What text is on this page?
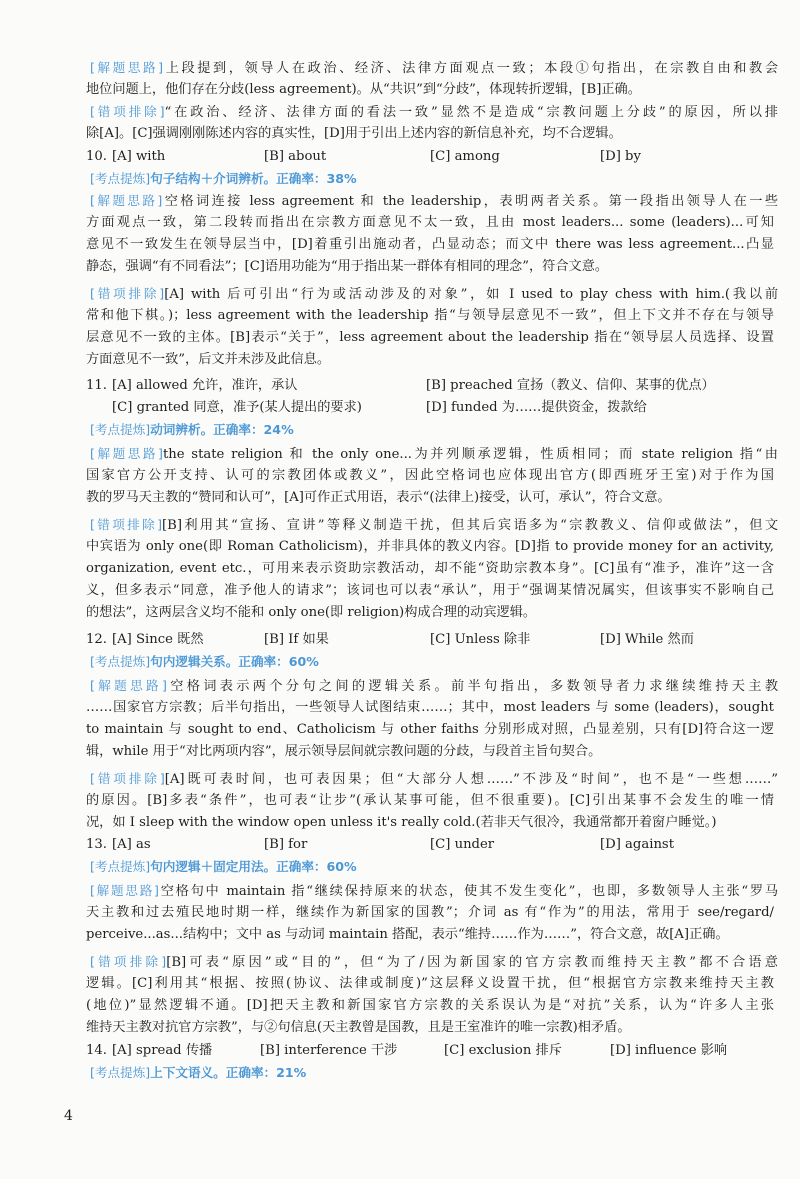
[解题思路]上段提到，领导人在政治、经济、法律方面观点一致；本段①句指出，在宗教自由和教会
地位问题上，他们存在分歧(less agreement)。从“共识”到“分歧”，体现转折逻辑，[B]正确。
[错项排除]“在政治、经济、法律方面的看法一致”显然不是造成“宗教问题上分歧”的原因，所以排
除[A]。[C]强调刚刚陈述内容的真实性，[D]用于引出上述内容的新信息补充，均不合逻辑。
10. [A] with	[B] about	[C] among	[D] by
[考点提炼]句子结构＋介词辨析。正确率：38%
[解题思路]空格词连接 less agreement 和 the leadership，表明两者关系。第一段指出领导人在一些
方面观点一致，第二段转而指出在宗教方面意见不太一致，且由 most leaders... some (leaders)...可知
意见不一致发生在领导层当中，[D]着重引出施动者，凸显动态；而文中 there was less agreement...凸显
静态，强调“有不同看法”；[C]语用功能为“用于指出某一群体有相同的理念”，符合文意。
[错项排除][A] with 后可引出“行为或活动涉及的对象”，如 I used to play chess with him.(我以前
常和他下棋。)；less agreement with the leadership 指“与领导层意见不一致”，但上下文并不存在与领导
层意见不一致的主体。[B]表示“关于”，less agreement about the leadership 指在“领导层人员选择、设置
方面意见不一致”，后文并未涉及此信息。
11. [A] allowed 允许，准许，承认	[B] preached 宣扬（教义、信仰、某事的优点）
[C] granted 同意，准予(某人提出的要求)	[D] funded 为……提供资金，拨款给
[考点提炼]动词辨析。正确率：24%
[解题思路]the state religion 和 the only one...为并列顺承逻辑，性质相同；而 state religion 指“由
国家官方公开支持、认可的宗教团体或教义”，因此空格词也应体现出官方(即西班牙王室)对于作为国
教的罗马天主教的“赞同和认可”，[A]可作正式用语，表示“(法律上)接受，认可，承认”，符合文意。
[错项排除][B]利用其“宣扬、宣讲”等释义制造干扰，但其后宾语多为“宗教教义、信仰或做法”，但文
中宾语为 only one(即 Roman Catholicism)，并非具体的教义内容。[D]指 to provide money for an activity,
organization, event etc.，可用来表示资助宗教活动，却不能“资助宗教本身”。[C]虽有“准予，准许”这一含
义，但多表示“同意，准予他人的请求”；该词也可以表“承认”，用于“强调某情况属实，但该事实不影响自己
的想法”，这两层含义均不能和 only one(即 religion)构成合理的动宾逻辑。
12. [A] Since 既然	[B] If 如果	[C] Unless 除非	[D] While 然而
[考点提炼]句内逻辑关系。正确率：60%
[解题思路]空格词表示两个分句之间的逻辑关系。前半句指出，多数领导者力求继续维持天主教
……国家官方宗教；后半句指出，一些领导人试图结束……；其中，most leaders 与 some (leaders)，sought
to maintain 与 sought to end、Catholicism 与 other faiths 分别形成对照，凸显差别，只有[D]符合这一逻
辑，while 用于“对比两项内容”，展示领导层间就宗教问题的分歧，与段首主旨句契合。
[错项排除][A]既可表时间，也可表因果；但“大部分人想……”不涉及“时间”，也不是“一些想……”
的原因。[B]多表“条件”，也可表“让步”(承认某事可能，但不很重要)。[C]引出某事不会发生的唯一情
况，如 I sleep with the window open unless it's really cold.(若非天气很冷，我通常都开着窗户睡觉。)
13. [A] as	[B] for	[C] under	[D] against
[考点提炼]句内逻辑＋固定用法。正确率：60%
[解题思路]空格句中 maintain 指“继续保持原来的状态，使其不发生变化”，也即，多数领导人主张“罗马
天主教和过去殖民地时期一样，继续作为新国家的国教”；介词 as 有“作为”的用法，常用于 see/regard/
perceive...as...结构中；文中 as 与动词 maintain 搭配，表示“维持……作为……”，符合文意，故[A]正确。
[错项排除][B]可表“原因”或“目的”，但“为了/因为新国家的官方宗教而维持天主教”都不合语意
逻辑。[C]利用其“根据、按照(协议、法律或制度)”这层释义设置干扰，但“根据官方宗教来维持天主教
(地位)”显然逻辑不通。[D]把天主教和新国家官方宗教的关系误认为是“对抗”关系，认为“许多人主张
维持天主教对抗官方宗教”，与②句信息(天主教曾是国教，且是王室准许的唯一宗教)相矛盾。
14. [A] spread 传播	[B] interference 干涉	[C] exclusion 排斥	[D] influence 影响
[考点提炼]上下文语义。正确率：21%
4
